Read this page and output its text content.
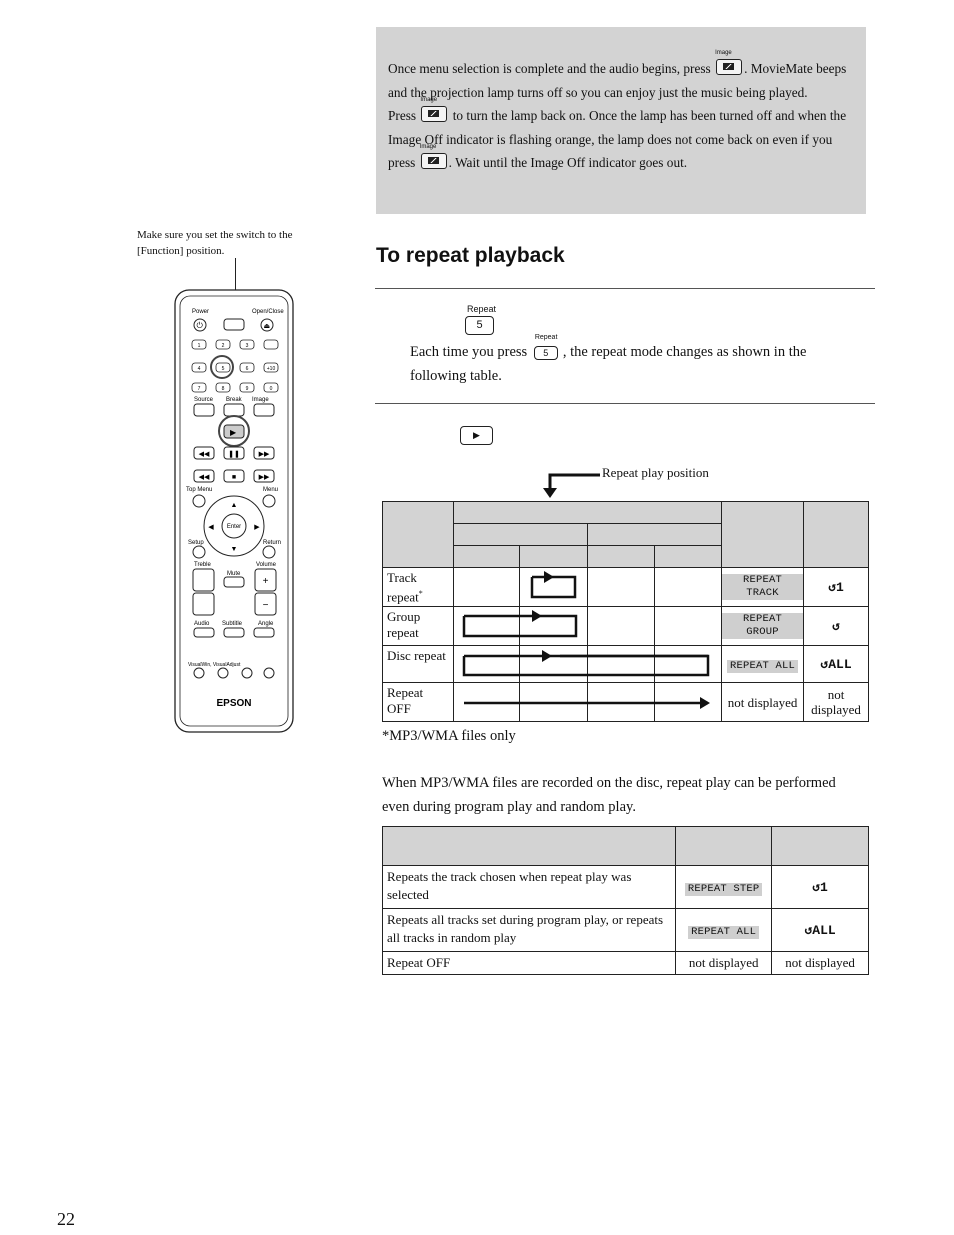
Once menu selection is complete and the audio begins, press Image
. MovieMate beeps and the projection lamp turns off so you can enjoy just the music being played.

Press Image
to turn the lamp back on. Once the lamp has been turned off and when the Image Off indicator is flashing orange, the lamp does not come back on even if you press Image
. Wait until the Image Off indicator goes out.

Make sure you set the switch to the [Function] position.
Power
⏻
Open/Close
⏏
1	2	3
4	5	6	+10
7	8	9	0
Source Break Image
▶
◀◀	❚❚	▶▶
◀◀	■	▶▶
Top Menu	Menu
Enter
▲
▼
◀	▶
Setup	Return
Treble	Volume
+
−
Mute
Audio Subtitle	Angle
VisualWin, VisualAdjust
EPSON
To repeat playback
Repeat
5
Each time you press
Repeat
5	, the repeat mode changes as shown in the following table.
▶
Repeat play position

Track repeat*					REPEAT TRACK	↺1
Group repeat					REPEAT GROUP	↺
Disc repeat					REPEAT ALL	↺ALL
Repeat OFF					not displayed	not displayed
*MP3/WMA files only
When MP3/WMA files are recorded on the disc, repeat play can be performed even during program play and random play.

Repeats the track chosen when repeat play was selected	REPEAT STEP	↺1
Repeats all tracks set during program play, or repeats all tracks in random play	REPEAT ALL	↺ALL
Repeat OFF	not displayed	not displayed
22
